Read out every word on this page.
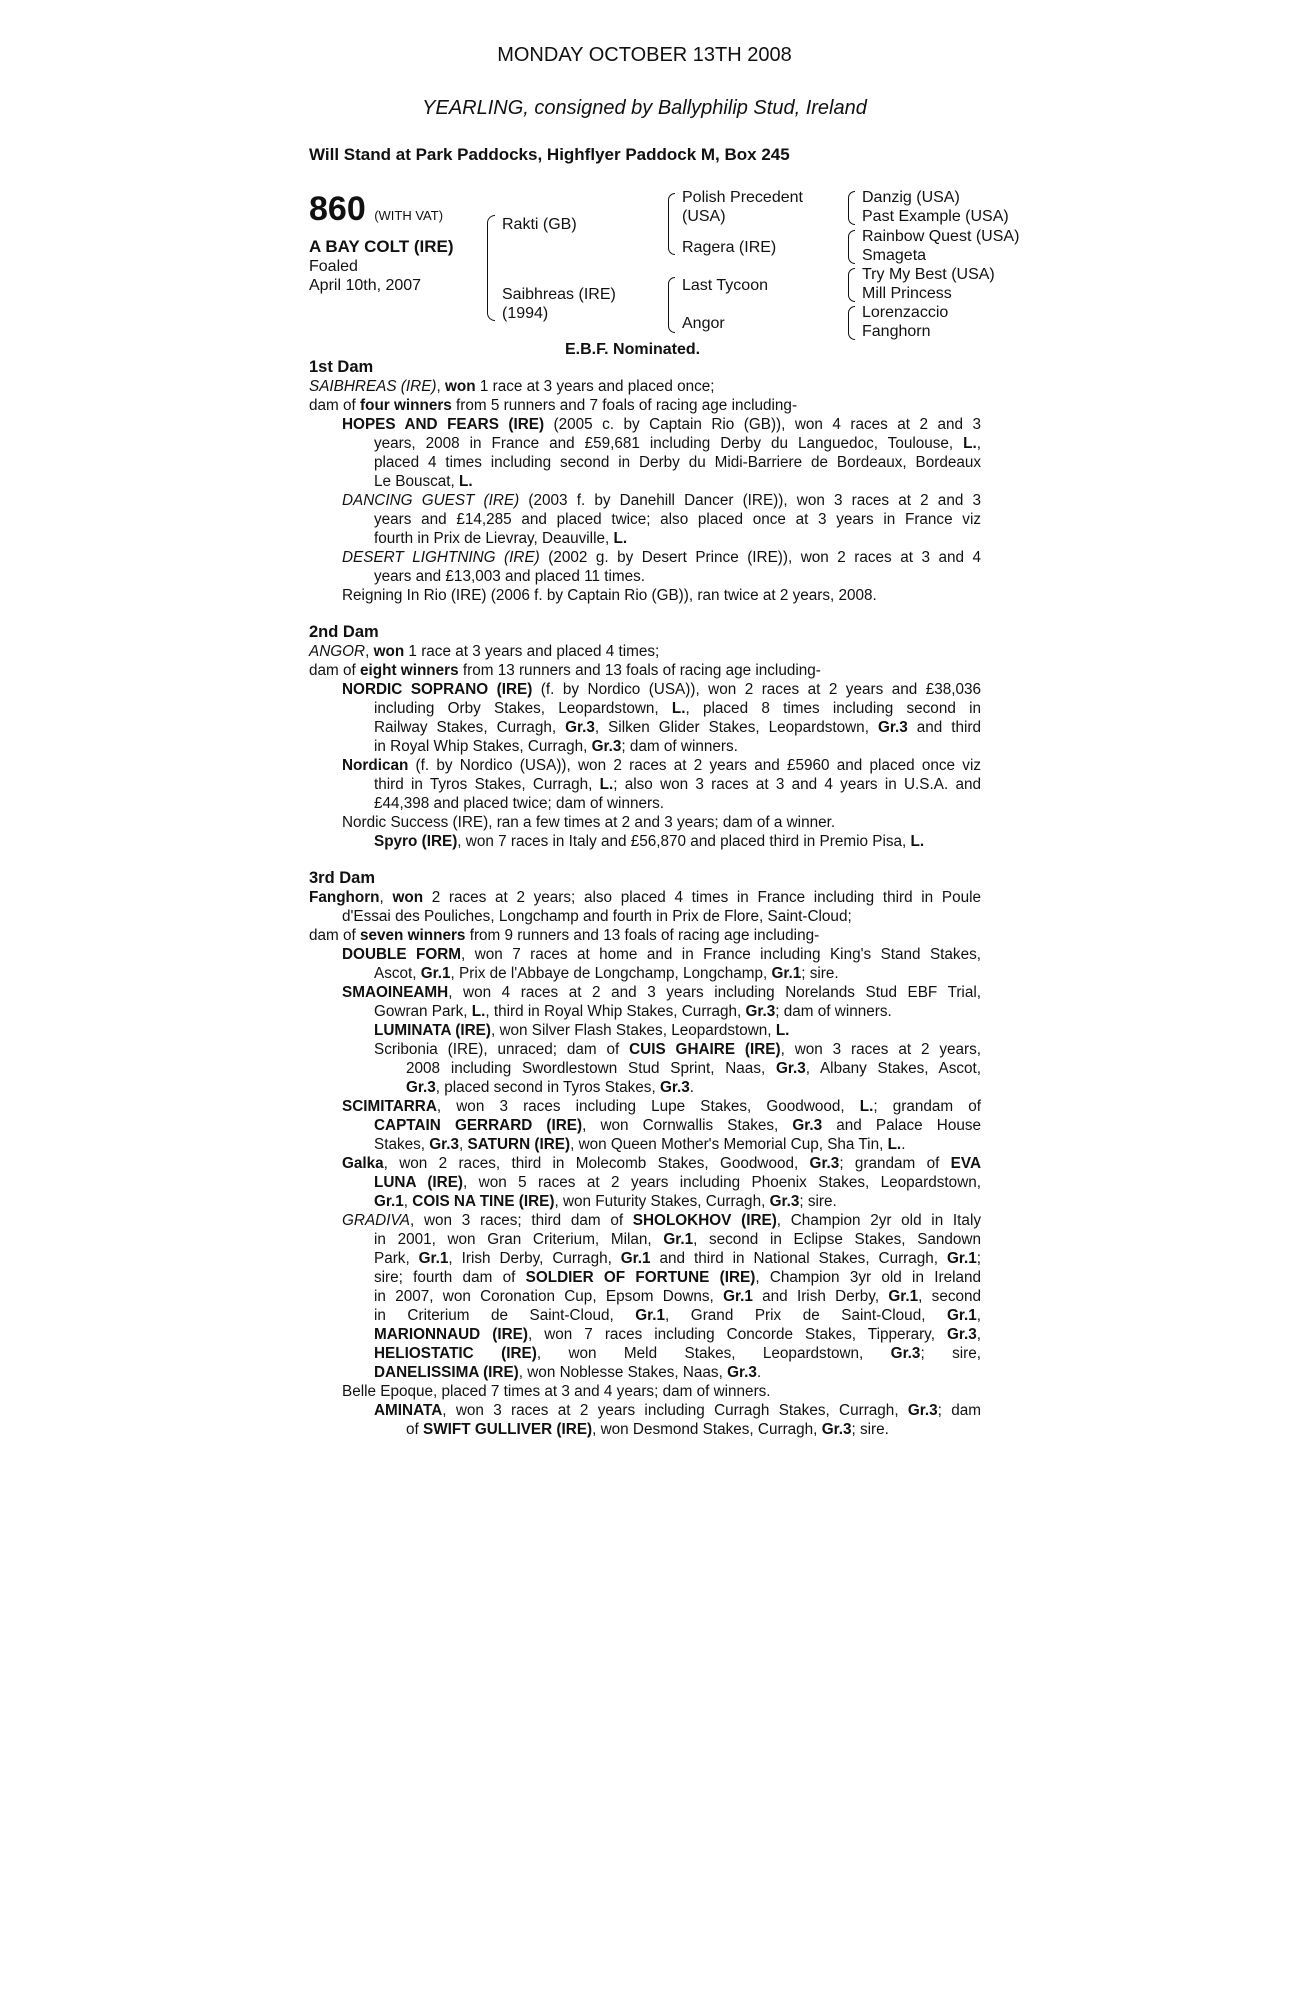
MONDAY OCTOBER 13TH 2008
YEARLING, consigned by Ballyphilip Stud, Ireland
Will Stand at Park Paddocks, Highflyer Paddock M, Box 245
860 (WITH VAT)
A BAY COLT (IRE)
Foaled
April 10th, 2007
Rakti (GB)
Saibhreas (IRE)
(1994)
Polish Precedent
(USA)
Ragera (IRE)
Last Tycoon
Angor
Danzig (USA)
Past Example (USA)
Rainbow Quest (USA)
Smageta
Try My Best (USA)
Mill Princess
Lorenzaccio
Fanghorn
E.B.F. Nominated.
1st Dam
SAIBHREAS (IRE), won 1 race at 3 years and placed once;
dam of four winners from 5 runners and 7 foals of racing age including-
HOPES AND FEARS (IRE) (2005 c. by Captain Rio (GB)), won 4 races at 2 and 3
years, 2008 in France and £59,681 including Derby du Languedoc, Toulouse, L.,
placed 4 times including second in Derby du Midi-Barriere de Bordeaux, Bordeaux
Le Bouscat, L.
DANCING GUEST (IRE) (2003 f. by Danehill Dancer (IRE)), won 3 races at 2 and 3
years and £14,285 and placed twice; also placed once at 3 years in France viz
fourth in Prix de Lievray, Deauville, L.
DESERT LIGHTNING (IRE) (2002 g. by Desert Prince (IRE)), won 2 races at 3 and 4
years and £13,003 and placed 11 times.
Reigning In Rio (IRE) (2006 f. by Captain Rio (GB)), ran twice at 2 years, 2008.
2nd Dam
ANGOR, won 1 race at 3 years and placed 4 times;
dam of eight winners from 13 runners and 13 foals of racing age including-
NORDIC SOPRANO (IRE) (f. by Nordico (USA)), won 2 races at 2 years and £38,036
including Orby Stakes, Leopardstown, L., placed 8 times including second in
Railway Stakes, Curragh, Gr.3, Silken Glider Stakes, Leopardstown, Gr.3 and third
in Royal Whip Stakes, Curragh, Gr.3; dam of winners.
Nordican (f. by Nordico (USA)), won 2 races at 2 years and £5960 and placed once viz
third in Tyros Stakes, Curragh, L.; also won 3 races at 3 and 4 years in U.S.A. and
£44,398 and placed twice; dam of winners.
Nordic Success (IRE), ran a few times at 2 and 3 years; dam of a winner.
Spyro (IRE), won 7 races in Italy and £56,870 and placed third in Premio Pisa, L.
3rd Dam
Fanghorn, won 2 races at 2 years; also placed 4 times in France including third in Poule
d'Essai des Pouliches, Longchamp and fourth in Prix de Flore, Saint-Cloud;
dam of seven winners from 9 runners and 13 foals of racing age including-
DOUBLE FORM, won 7 races at home and in France including King's Stand Stakes,
Ascot, Gr.1, Prix de l'Abbaye de Longchamp, Longchamp, Gr.1; sire.
SMAOINEAMH, won 4 races at 2 and 3 years including Norelands Stud EBF Trial,
Gowran Park, L., third in Royal Whip Stakes, Curragh, Gr.3; dam of winners.
LUMINATA (IRE), won Silver Flash Stakes, Leopardstown, L.
Scribonia (IRE), unraced; dam of CUIS GHAIRE (IRE), won 3 races at 2 years,
2008 including Swordlestown Stud Sprint, Naas, Gr.3, Albany Stakes, Ascot,
Gr.3, placed second in Tyros Stakes, Gr.3.
SCIMITARRA, won 3 races including Lupe Stakes, Goodwood, L.; grandam of
CAPTAIN GERRARD (IRE), won Cornwallis Stakes, Gr.3 and Palace House
Stakes, Gr.3, SATURN (IRE), won Queen Mother's Memorial Cup, Sha Tin, L..
Galka, won 2 races, third in Molecomb Stakes, Goodwood, Gr.3; grandam of EVA
LUNA (IRE), won 5 races at 2 years including Phoenix Stakes, Leopardstown,
Gr.1, COIS NA TINE (IRE), won Futurity Stakes, Curragh, Gr.3; sire.
GRADIVA, won 3 races; third dam of SHOLOKHOV (IRE), Champion 2yr old in Italy
in 2001, won Gran Criterium, Milan, Gr.1, second in Eclipse Stakes, Sandown
Park, Gr.1, Irish Derby, Curragh, Gr.1 and third in National Stakes, Curragh, Gr.1;
sire; fourth dam of SOLDIER OF FORTUNE (IRE), Champion 3yr old in Ireland
in 2007, won Coronation Cup, Epsom Downs, Gr.1 and Irish Derby, Gr.1, second
in Criterium de Saint-Cloud, Gr.1, Grand Prix de Saint-Cloud, Gr.1,
MARIONNAUD (IRE), won 7 races including Concorde Stakes, Tipperary, Gr.3,
HELIOSTATIC (IRE), won Meld Stakes, Leopardstown, Gr.3; sire,
DANELISSIMA (IRE), won Noblesse Stakes, Naas, Gr.3.
Belle Epoque, placed 7 times at 3 and 4 years; dam of winners.
AMINATA, won 3 races at 2 years including Curragh Stakes, Curragh, Gr.3; dam
of SWIFT GULLIVER (IRE), won Desmond Stakes, Curragh, Gr.3; sire.
